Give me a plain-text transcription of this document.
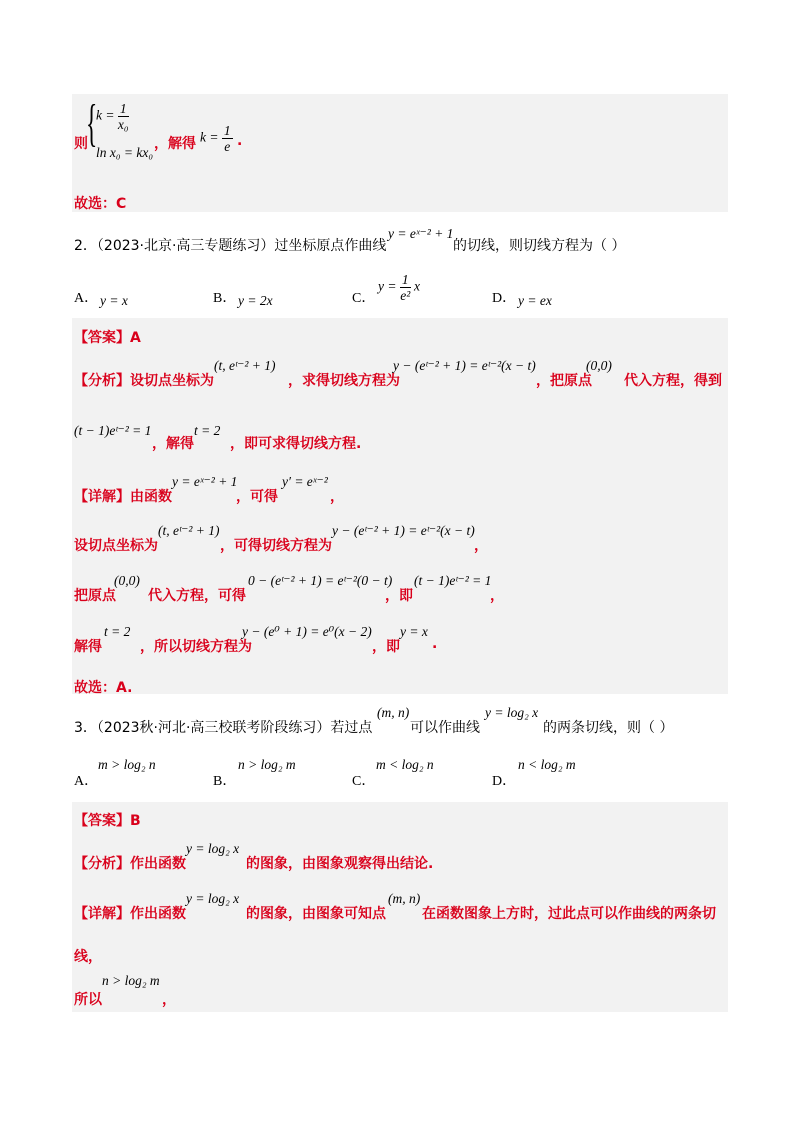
则
{
$k = \frac{1}{\text{x₀}}$
ln x₀ = kx₀
，解得 $k = \frac{1}{e}$ .
故选：C
2．（2023·北京·高三专题练习）过坐标原点作曲线
y = eˣ⁻² + 1
的切线，则切线方程为（ ）
A． y = x	B． y = 2x	C．
$y = \frac{1}{\text{e²}}$ x
D． y = ex
【答案】A
【分析】设切点坐标为
(t, eᵗ⁻² + 1)
，求得切线方程为
y − (eᵗ⁻² + 1) = eᵗ⁻²(x − t)
，把原点
(0,0)
代入方程，得到
(t − 1)eᵗ⁻² = 1
，解得
t = 2
，即可求得切线方程.
【详解】由函数
y = eˣ⁻² + 1
，可得
y′ = eˣ⁻²
，
设切点坐标为
(t, eᵗ⁻² + 1)
，可得切线方程为
y − (eᵗ⁻² + 1) = eᵗ⁻²(x − t)
，
把原点
(0,0)
代入方程，可得
0 − (eᵗ⁻² + 1) = eᵗ⁻²(0 − t)
，即
(t − 1)eᵗ⁻² = 1
，
解得
t = 2
，所以切线方程为
y − (e⁰ + 1) = e⁰(x − 2)
，即
y = x
.
故选：A.
3．（2023秋·河北·高三校联考阶段练习）若过点
(m, n)
可以作曲线
y = log₂ x
的两条切线，则（ ）
A．
m > log₂ n
B．
n > log₂ m
C．
m < log₂ n
D．
n < log₂ m
【答案】B
【分析】作出函数
y = log₂ x
的图象，由图象观察得出结论.
【详解】作出函数
y = log₂ x
的图象，由图象可知点
(m, n)
在函数图象上方时，过此点可以作曲线的两条切
线，
所以
n > log₂ m
，
